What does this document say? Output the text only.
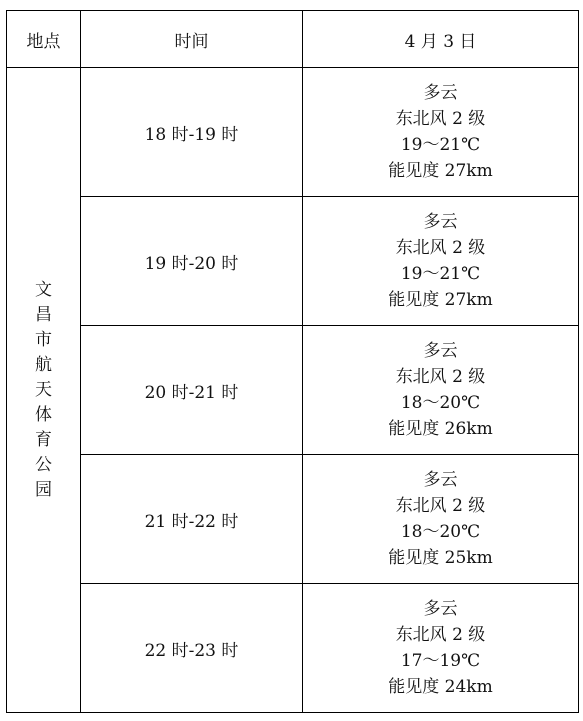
地点	时间	4 月 3 日
文昌市航天体育公园	18 时-19 时	多云
东北风 2 级
19～21℃
能见度 27km

	19 时-20 时	多云
东北风 2 级
19～21℃
能见度 27km

	20 时-21 时	多云
东北风 2 级
18～20℃
能见度 26km

	21 时-22 时	多云
东北风 2 级
18～20℃
能见度 25km

	22 时-23 时	多云
东北风 2 级
17～19℃
能见度 24km
